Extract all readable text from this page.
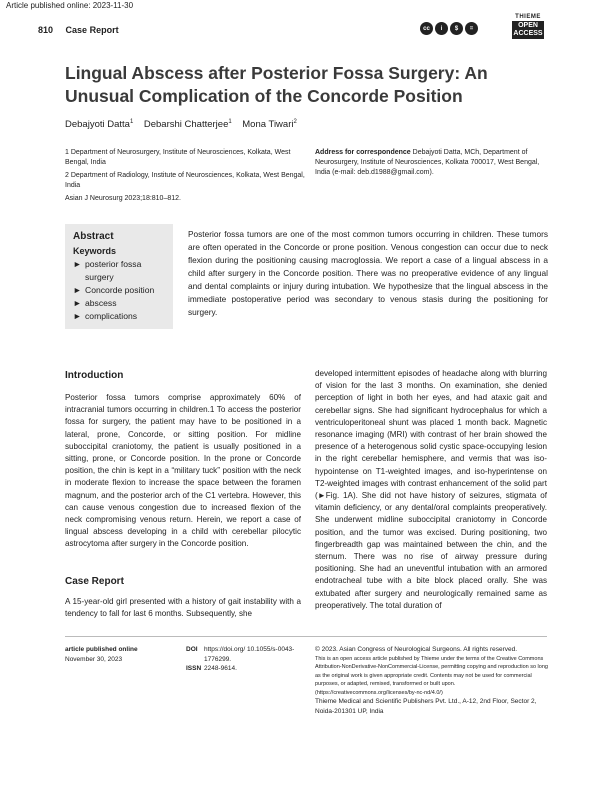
Article published online: 2023-11-30
810 Case Report	cc	i	$	=
THIEME
OPEN
ACCESS
Lingual Abscess after Posterior Fossa Surgery: An Unusual Complication of the Concorde Position
Debajyoti Datta$^1$ Debarshi Chatterjee$^1$ Mona Tiwari$^2$
1 Department of Neurosurgery, Institute of Neurosciences, Kolkata, West Bengal, India
2 Department of Radiology, Institute of Neurosciences, Kolkata, West Bengal, India
Address for correspondence Debajyoti Datta, MCh, Department of Neurosurgery, Institute of Neurosciences, Kolkata 700017, West Bengal, India (e-mail: deb.d1988@gmail.com).
Asian J Neurosurg 2023;18:810–812.
Abstract
Keywords
► posterior fossa surgery
► Concorde position
► abscess
► complications
Posterior fossa tumors are one of the most common tumors occurring in children. These tumors are often operated in the Concorde or prone position. Venous congestion can occur due to neck flexion during the positioning causing macroglossia. We report a case of a lingual abscess in a child after surgery in the Concorde position. There was no preoperative evidence of any lingual and dental complaints or injury during intubation. We hypothesize that the lingual abscess in the immediate postoperative period was secondary to venous stasis during the positioning for surgery.
Introduction
Posterior fossa tumors comprise approximately 60% of intracranial tumors occurring in children.1 To access the posterior fossa for surgery, the patient may have to be positioned in a lateral, prone, Concorde, or sitting position. For midline suboccipital craniotomy, the patient is usually positioned in a sitting, prone, or Concorde position. In the prone or Concorde position, the chin is kept in a “military tuck” position with the neck in moderate flexion to increase the space between the foramen magnum, and the posterior arch of the C1 vertebra. However, this can cause venous congestion due to increased flexion of the neck compromising venous return. Herein, we report a case of lingual abscess developing in a child with cerebellar pilocytic astrocytoma after surgery in the Concorde position.
Case Report
A 15-year-old girl presented with a history of gait instability with a tendency to fall for last 6 months. Subsequently, she
developed intermittent episodes of headache along with blurring of vision for the last 3 months. On examination, she denied perception of light in both her eyes, and had ataxic gait and cerebellar signs. She had significant hydrocephalus for which a ventriculoperitoneal shunt was placed 1 month back. Magnetic resonance imaging (MRI) with contrast of her brain showed the presence of a heterogenous solid cystic space-occupying lesion in the right cerebellar hemisphere, and vermis that was iso-hypointense on T1-weighted images, and iso-hyperintense on T2-weighted images with contrast enhancement of the solid part (►Fig. 1A). She did not have history of seizures, stigmata of vitamin deficiency, or any dental/oral complaints preoperatively. She underwent midline suboccipital craniotomy in Concorde position, and the tumor was excised. During positioning, two fingerbreadth gap was maintained between the chin, and the sternum. There was no rise of airway pressure during positioning. She had an uneventful intubation with an armored endotracheal tube with a bite block placed orally. She was extubated after surgery and neurologically remained same as preoperatively. The total duration of
article published online
November 30, 2023
DOI https://doi.org/ 10.1055/s-0043-1776299.
ISSN 2248-9614.
© 2023. Asian Congress of Neurological Surgeons. All rights reserved.
This is an open access article published by Thieme under the terms of the Creative Commons Attribution-NonDerivative-NonCommercial-License, permitting copying and reproduction so long as the original work is given appropriate credit. Contents may not be used for commercial purposes, or adapted, remixed, transformed or built upon. (https://creativecommons.org/licenses/by-nc-nd/4.0/)
Thieme Medical and Scientific Publishers Pvt. Ltd., A-12, 2nd Floor, Sector 2, Noida-201301 UP, India
